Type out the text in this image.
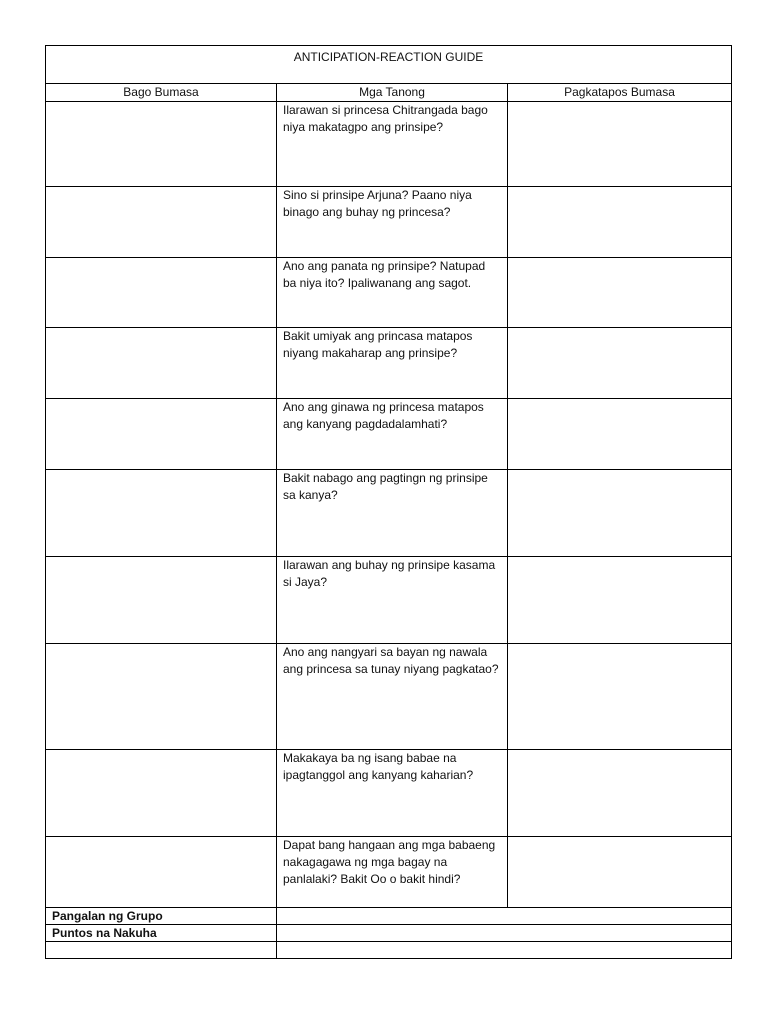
ANTICIPATION-REACTION GUIDE		
Bago Bumasa	Mga Tanong	Pagkatapos Bumasa
	Ilarawan si princesa Chitrangada bago niya makatagpo ang prinsipe?	
	Sino si prinsipe Arjuna? Paano niya binago ang buhay ng princesa?	
	Ano ang panata ng prinsipe? Natupad ba niya ito? Ipaliwanang ang sagot.	
	Bakit umiyak ang princasa matapos niyang makaharap ang prinsipe?	
	Ano ang ginawa ng princesa matapos ang kanyang pagdadalamhati?	
	Bakit nabago ang pagtingn ng prinsipe sa kanya?	
	Ilarawan ang buhay ng prinsipe kasama si Jaya?	
	Ano ang nangyari sa bayan ng nawala ang princesa sa tunay niyang pagkatao?	
	Makakaya ba ng isang babae na ipagtanggol ang kanyang kaharian?	
	Dapat bang hangaan ang mga babaeng nakagagawa ng mga bagay na panlalaki? Bakit Oo o bakit hindi?	
Pangalan ng Grupo		
Puntos na Nakuha		
